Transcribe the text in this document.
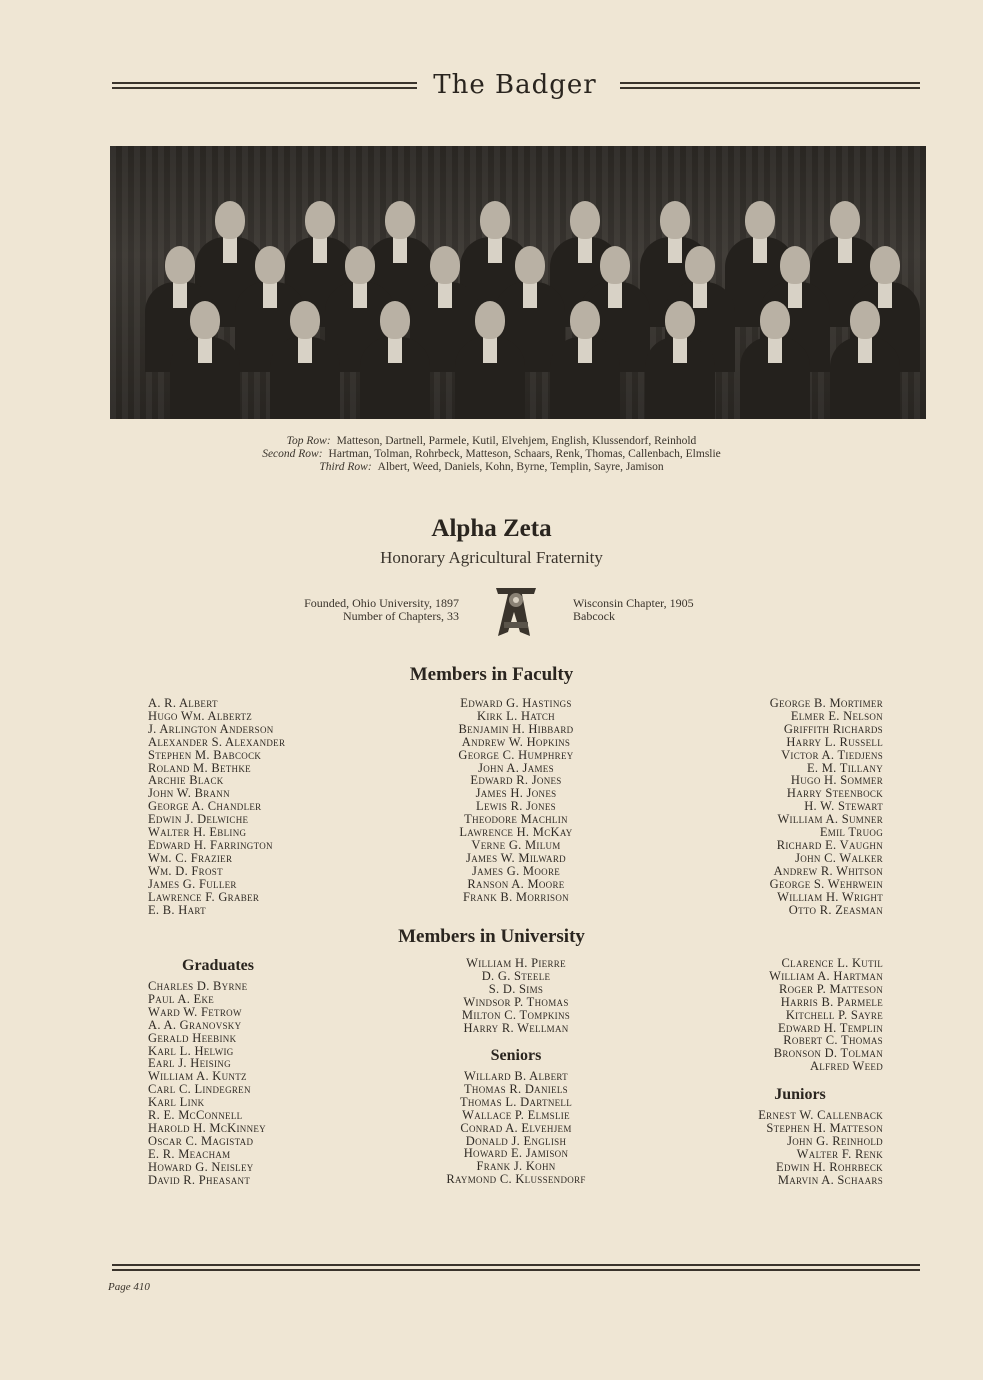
The Badger
Top Row: Matteson, Dartnell, Parmele, Kutil, Elvehjem, English, Klussendorf, Reinhold
Second Row: Hartman, Tolman, Rohrbeck, Matteson, Schaars, Renk, Thomas, Callenbach, Elmslie
Third Row: Albert, Weed, Daniels, Kohn, Byrne, Templin, Sayre, Jamison
Alpha Zeta
Honorary Agricultural Fraternity
Founded, Ohio University, 1897
Number of Chapters, 33
Wisconsin Chapter, 1905
Babcock
Members in Faculty
A. R. Albert
Hugo Wm. Albertz
J. Arlington Anderson
Alexander S. Alexander
Stephen M. Babcock
Roland M. Bethke
Archie Black
John W. Brann
George A. Chandler
Edwin J. Delwiche
Walter H. Ebling
Edward H. Farrington
Wm. C. Frazier
Wm. D. Frost
James G. Fuller
Lawrence F. Graber
E. B. Hart
Edward G. Hastings
Kirk L. Hatch
Benjamin H. Hibbard
Andrew W. Hopkins
George C. Humphrey
John A. James
Edward R. Jones
James H. Jones
Lewis R. Jones
Theodore Machlin
Lawrence H. McKay
Verne G. Milum
James W. Milward
James G. Moore
Ranson A. Moore
Frank B. Morrison
George B. Mortimer
Elmer E. Nelson
Griffith Richards
Harry L. Russell
Victor A. Tiedjens
E. M. Tillany
Hugo H. Sommer
Harry Steenbock
H. W. Stewart
William A. Sumner
Emil Truog
Richard E. Vaughn
John C. Walker
Andrew R. Whitson
George S. Wehrwein
William H. Wright
Otto R. Zeasman
Members in University
Graduates
Charles D. Byrne
Paul A. Eke
Ward W. Fetrow
A. A. Granovsky
Gerald Heebink
Karl L. Helwig
Earl J. Heising
William A. Kuntz
Carl C. Lindegren
Karl Link
R. E. McConnell
Harold H. McKinney
Oscar C. Magistad
E. R. Meacham
Howard G. Neisley
David R. Pheasant
William H. Pierre
D. G. Steele
S. D. Sims
Windsor P. Thomas
Milton C. Tompkins
Harry R. Wellman
Seniors
Willard B. Albert
Thomas R. Daniels
Thomas L. Dartnell
Wallace P. Elmslie
Conrad A. Elvehjem
Donald J. English
Howard E. Jamison
Frank J. Kohn
Raymond C. Klussendorf
Clarence L. Kutil
William A. Hartman
Roger P. Matteson
Harris B. Parmele
Kitchell P. Sayre
Edward H. Templin
Robert C. Thomas
Bronson D. Tolman
Alfred Weed
Juniors
Ernest W. Callenback
Stephen H. Matteson
John G. Reinhold
Walter F. Renk
Edwin H. Rohrbeck
Marvin A. Schaars
Page 410
